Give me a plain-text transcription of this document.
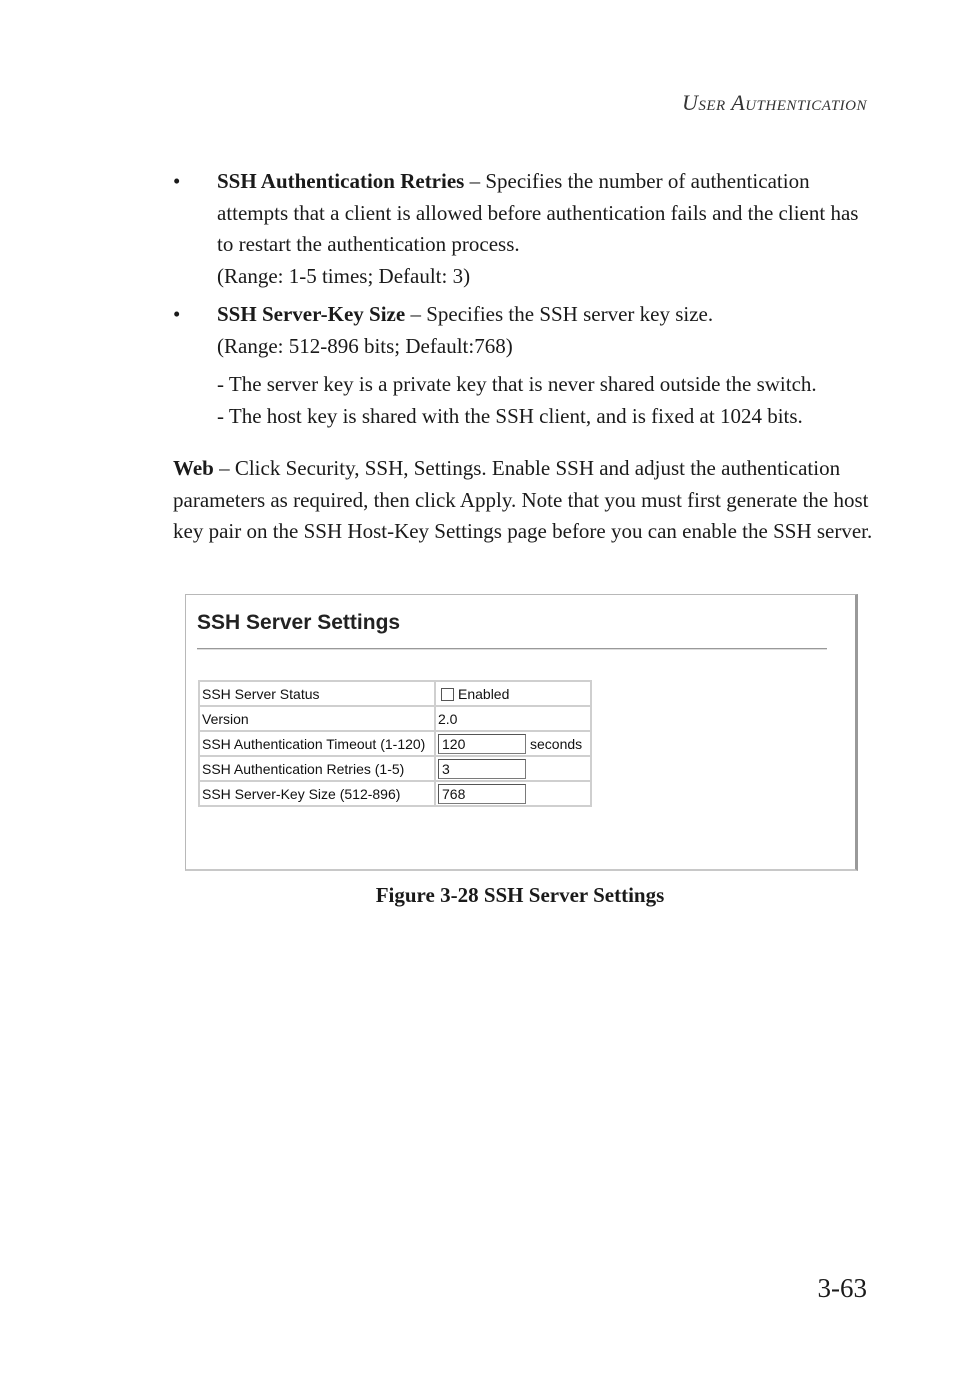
User Authentication
• SSH Authentication Retries – Specifies the number of authentication attempts that a client is allowed before authentication fails and the client has to restart the authentication process.
(Range: 1-5 times; Default: 3)
• SSH Server-Key Size – Specifies the SSH server key size.
(Range: 512-896 bits; Default:768)
- The server key is a private key that is never shared outside the switch.
- The host key is shared with the SSH client, and is fixed at 1024 bits.
Web – Click Security, SSH, Settings. Enable SSH and adjust the authentication parameters as required, then click Apply. Note that you must first generate the host key pair on the SSH Host-Key Settings page before you can enable the SSH server.
SSH Server Settings
SSH Server Status	Enabled
Version	2.0
SSH Authentication Timeout (1-120)	120 seconds
SSH Authentication Retries (1-5)	3
SSH Server-Key Size (512-896)	768
Figure 3-28 SSH Server Settings
3-63
